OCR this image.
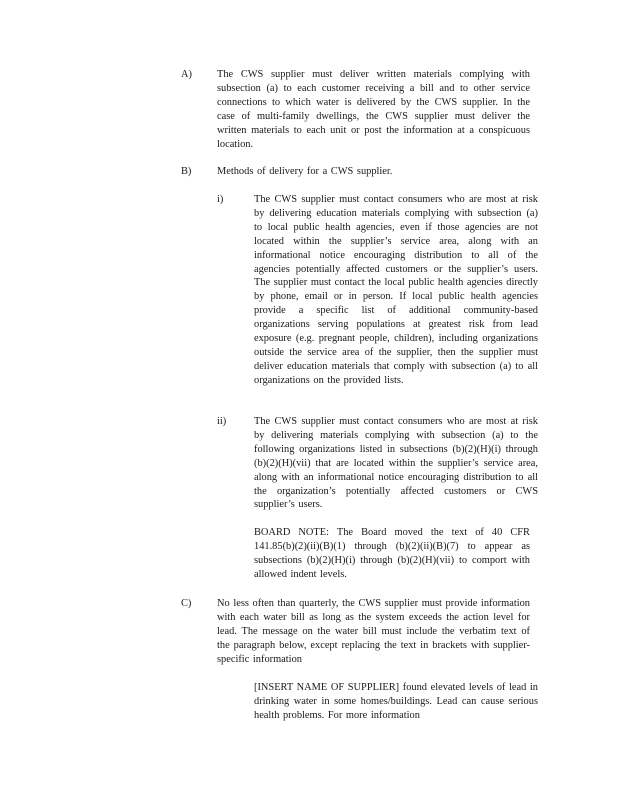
A) The CWS supplier must deliver written materials complying with subsection (a) to each customer receiving a bill and to other service connections to which water is delivered by the CWS supplier. In the case of multi-family dwellings, the CWS supplier must deliver the written materials to each unit or post the information at a conspicuous location.
B) Methods of delivery for a CWS supplier.
i)	The CWS supplier must contact consumers who are most at risk by delivering education materials complying with subsection (a) to local public health agencies, even if those agencies are not located within the supplier’s service area, along with an informational notice encouraging distribution to all of the agencies potentially affected customers or the supplier’s users. The supplier must contact the local public health agencies directly by phone, email or in person. If local public health agencies provide a specific list of additional community-based organizations serving populations at greatest risk from lead exposure (e.g. pregnant people, children), including organizations outside the service area of the supplier, then the supplier must deliver education materials that comply with subsection (a) to all organizations on the provided lists.
ii)	The CWS supplier must contact consumers who are most at risk by delivering materials complying with subsection (a) to the following organizations listed in subsections (b)(2)(H)(i) through (b)(2)(H)(vii) that are located within the supplier’s service area, along with an informational notice encouraging distribution to all the organization’s potentially affected customers or CWS supplier’s users.
BOARD NOTE: The Board moved the text of 40 CFR 141.85(b)(2)(ii)(B)(1) through (b)(2)(ii)(B)(7) to appear as subsections (b)(2)(H)(i) through (b)(2)(H)(vii) to comport with allowed indent levels.
C) No less often than quarterly, the CWS supplier must provide information with each water bill as long as the system exceeds the action level for lead. The message on the water bill must include the verbatim text of the paragraph below, except replacing the text in brackets with supplier-specific information
[INSERT NAME OF SUPPLIER] found elevated levels of lead in drinking water in some homes/buildings. Lead can cause serious health problems. For more information
